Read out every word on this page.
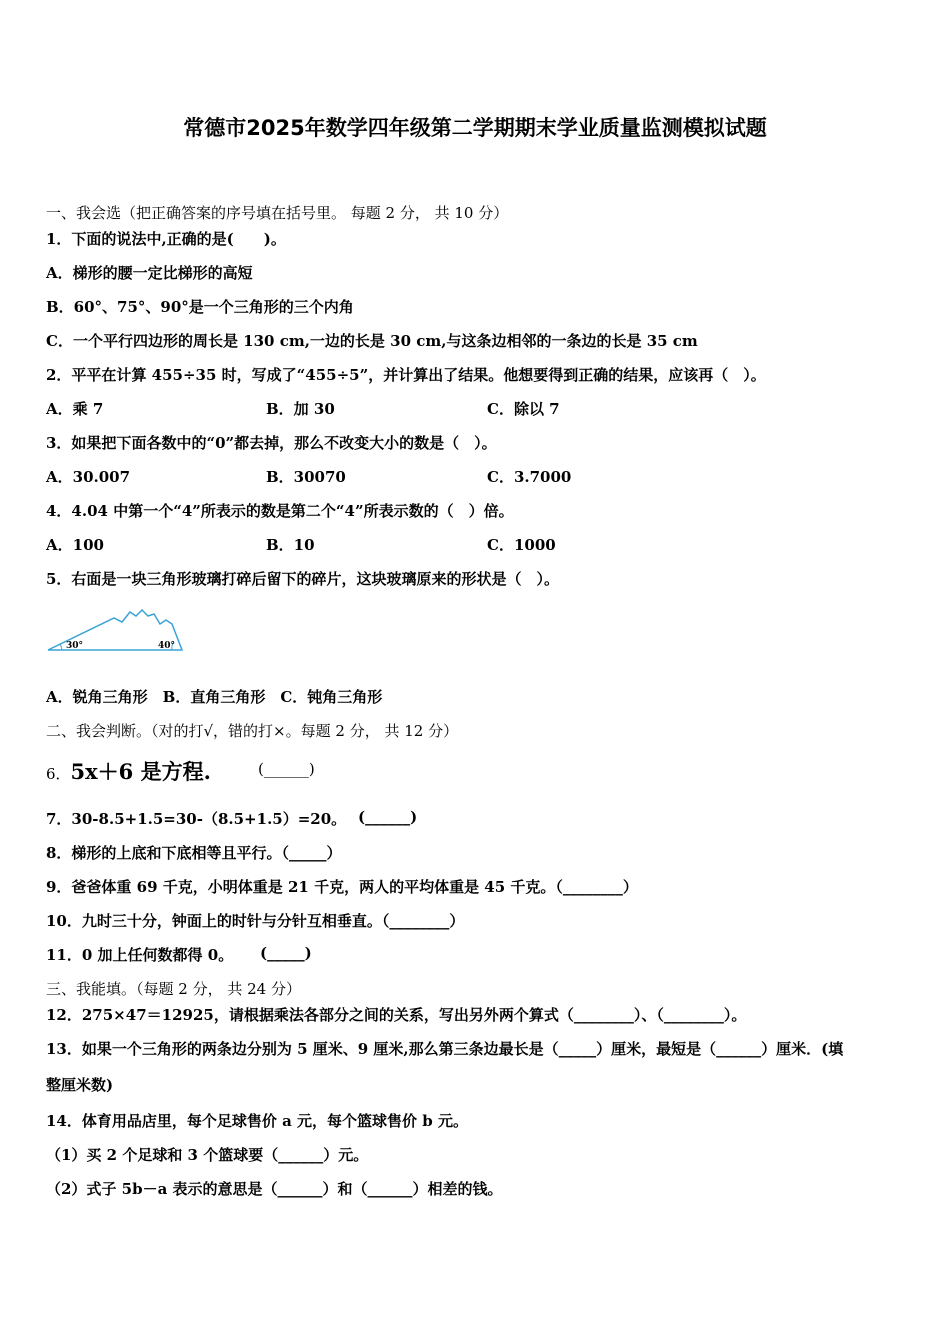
常德市2025年数学四年级第二学期期末学业质量监测模拟试题
一、我会选（把正确答案的序号填在括号里。 每题 2 分， 共 10 分）
1．下面的说法中,正确的是(　　)。
A．梯形的腰一定比梯形的高短
B．60°、75°、90°是一个三角形的三个内角
C．一个平行四边形的周长是 130 cm,一边的长是 30 cm,与这条边相邻的一条边的长是 35 cm
2．平平在计算 455÷35 时，写成了“455÷5”，并计算出了结果。他想要得到正确的结果，应该再（　）。
A．乘 7	B．加 30	C．除以 7
3．如果把下面各数中的“0”都去掉，那么不改变大小的数是（　）。
A．30.007	B．30070	C．3.7000
4．4.04 中第一个“4”所表示的数是第二个“4”所表示数的（　）倍。
A．100	B．10	C．1000
5．右面是一块三角形玻璃打碎后留下的碎片，这块玻璃原来的形状是（　）。
30°	40°
A．锐角三角形　B．直角三角形　C．钝角三角形
二、我会判断。（对的打√，错的打×。每题 2 分， 共 12 分）
6．5x＋6 是方程.	(______)
7．30-8.5+1.5=30-（8.5+1.5）=20。 (______)
8．梯形的上底和下底相等且平行。（_____）
9．爸爸体重 69 千克，小明体重是 21 千克，两人的平均体重是 45 千克。（________）
10．九时三十分，钟面上的时针与分针互相垂直。（________）
11．0 加上任何数都得 0。 (_____)
三、我能填。（每题 2 分， 共 24 分）
12．275×47＝12925，请根据乘法各部分之间的关系，写出另外两个算式（________）、（________）。
13．如果一个三角形的两条边分别为 5 厘米、9 厘米,那么第三条边最长是（_____）厘米，最短是（______）厘米．(填
整厘米数)
14．体育用品店里，每个足球售价 a 元，每个篮球售价 b 元。
（1）买 2 个足球和 3 个篮球要（______）元。
（2）式子 5b－a 表示的意思是（______）和（______）相差的钱。
